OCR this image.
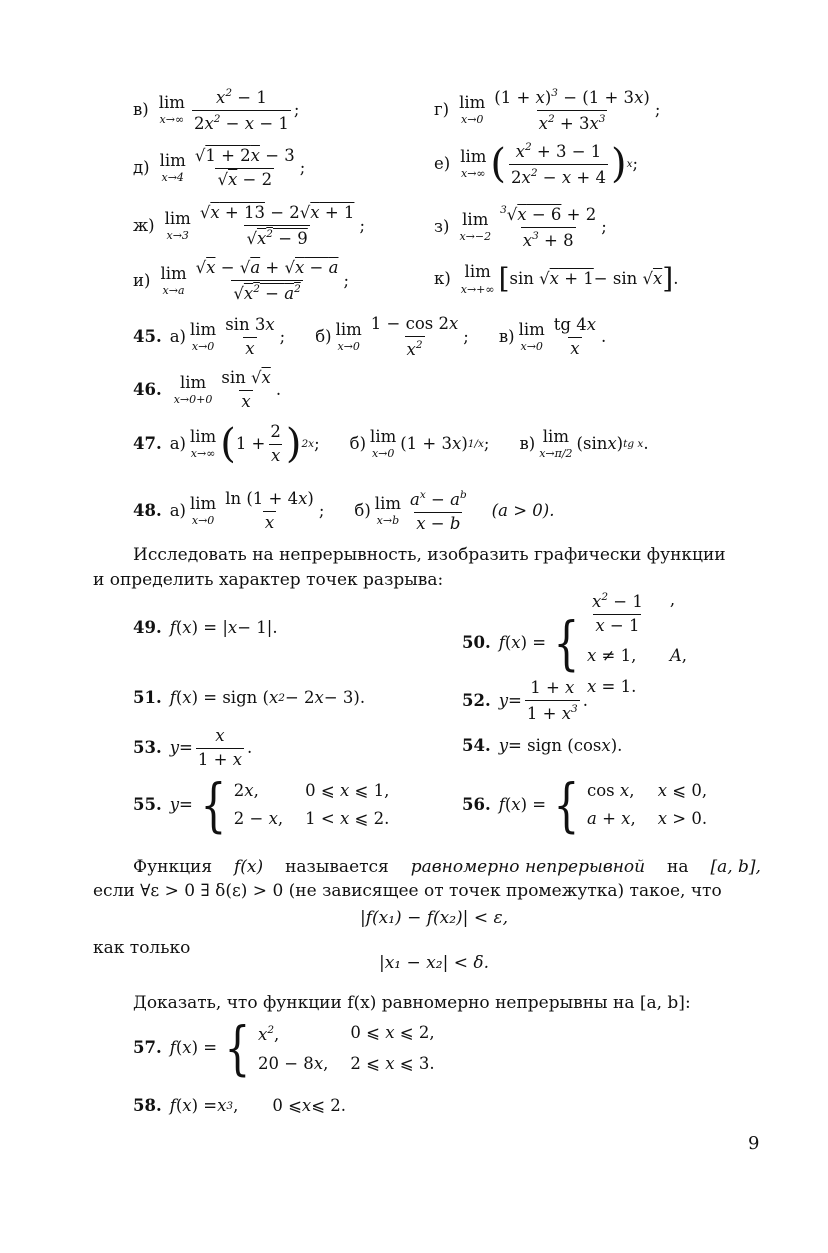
в) lim
$x\to\infty \frac{x^2 - 1}{2x^2 - x - 1}$ ;	г) lim
$x\to 0 \frac{(1 + x)^3 - (1 + 3x)}{x^2 + 3x^3}$ ;
д) lim
$x\to 4 \frac{√1 + 2x - 3}{√x - 2}$ ;	е) lim
x→∞ ( $\frac{x^2 + 3 - 1}{2x^2 - x + 4}$ ) x ;
ж) lim
$x\to 3 \frac{√x + 13 - 2√x + 1}{√x^2 - 9}$ ;	з) lim
$x\to-2 \frac{^3√x - 6 + 2}{x^3 + 8}$ ;
и) lim
$x\to a \frac{√x - √a + √x - a}{√x^2 - a^2}$ ;	к) lim
x→+∞ [ sin √ x + 1 − sin √ x ] .
45. а) lim
$x\to 0 \frac{\sin 3x}{x}$ ; б) lim
$x\to 0 \frac{1 - \cos 2x}{x^2}$ ; в) lim
$x\to 0 \frac{tg 4x}{x}$ .
46. lim
$x\to 0+0 \frac{\sin √x}{x}$ .
47. а) lim
x→∞ ( $1 + \frac{2}{x}$ ) 2x ; б) lim
x→0
(1 + 3 x ) 1/x ; в) lim
x→π/2
(sin x ) tg x .
48. а) lim
$x\to 0 \frac{\ln (1 + 4x)}{x}$ ; б) lim
$x\to b \frac{a^x - a^b}{x - b} (a > 0)$.
Исследовать на непрерывность, изобразить графически функции
и определить характер точек разрыва:
49. f ( x ) = | x − 1|.
50. f ( x ) = { $\frac{x^2 - 1}{x - 1}$ ,
x ≠ 1,	A,
x = 1.
51. f ( x ) = sign ( x 2 − 2 x − 3).	52. $y = \frac{1 + x}{1 + x^3}$ .
53. $y = \frac{x}{1 + x}$ .	54. y = sign (cos x ).
55. y = { 2x,	0 ⩽ x ⩽ 1,
2 − x, 1 < x ⩽ 2.
56. f ( x ) = { cos x, x ⩽ 0,
a + x, x > 0.
Функция f(x) называется равномерно непрерывной на [a, b],
если ∀ε > 0 ∃ δ(ε) > 0 (не зависящее от точек промежутка) такое, что
|f(x₁) − f(x₂)| < ε,
как только
|x₁ − x₂| < δ.
Доказать, что функции f(x) равномерно непрерывны на [a, b]:
57. f ( x ) = { $x^2$,	0 ⩽ x ⩽ 2,
20 − 8x, 2 ⩽ x ⩽ 3.
58. f ( x ) = x 3 ,
0 ⩽ x ⩽ 2.
9
